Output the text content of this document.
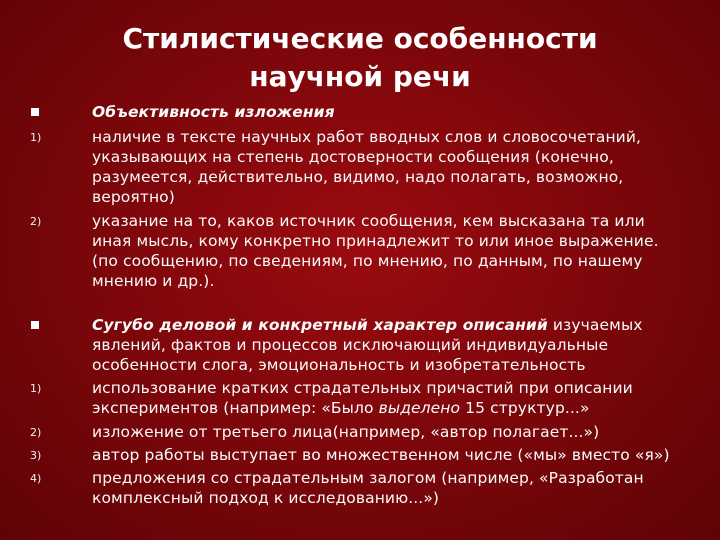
Стилистические особенности научной речи
Объективность изложения
1)	наличие в тексте научных работ вводных слов и словосочетаний, указывающих на степень достоверности сообщения (конечно, разумеется, действительно, видимо, надо полагать, возможно, вероятно)
2)	указание на то, каков источник сообщения, кем высказана та или иная мысль, кому конкретно принадлежит то или иное выражение. (по сообщению, по сведениям, по мнению, по данным, по нашему мнению и др.).
Сугубо деловой и конкретный характер описаний изучаемых явлений, фактов и процессов исключающий индивидуальные особенности слога, эмоциональность и изобретательность
1)	использование кратких страдательных причастий при описании экспериментов (например: «Было выделено 15 структур...»
2)	изложение от третьего лица(например, «автор полагает...»)
3)	автор работы выступает во множественном числе («мы» вместо «я»)
4)	предложения со страдательным залогом (например, «Разработан комплексный подход к исследованию...»)
